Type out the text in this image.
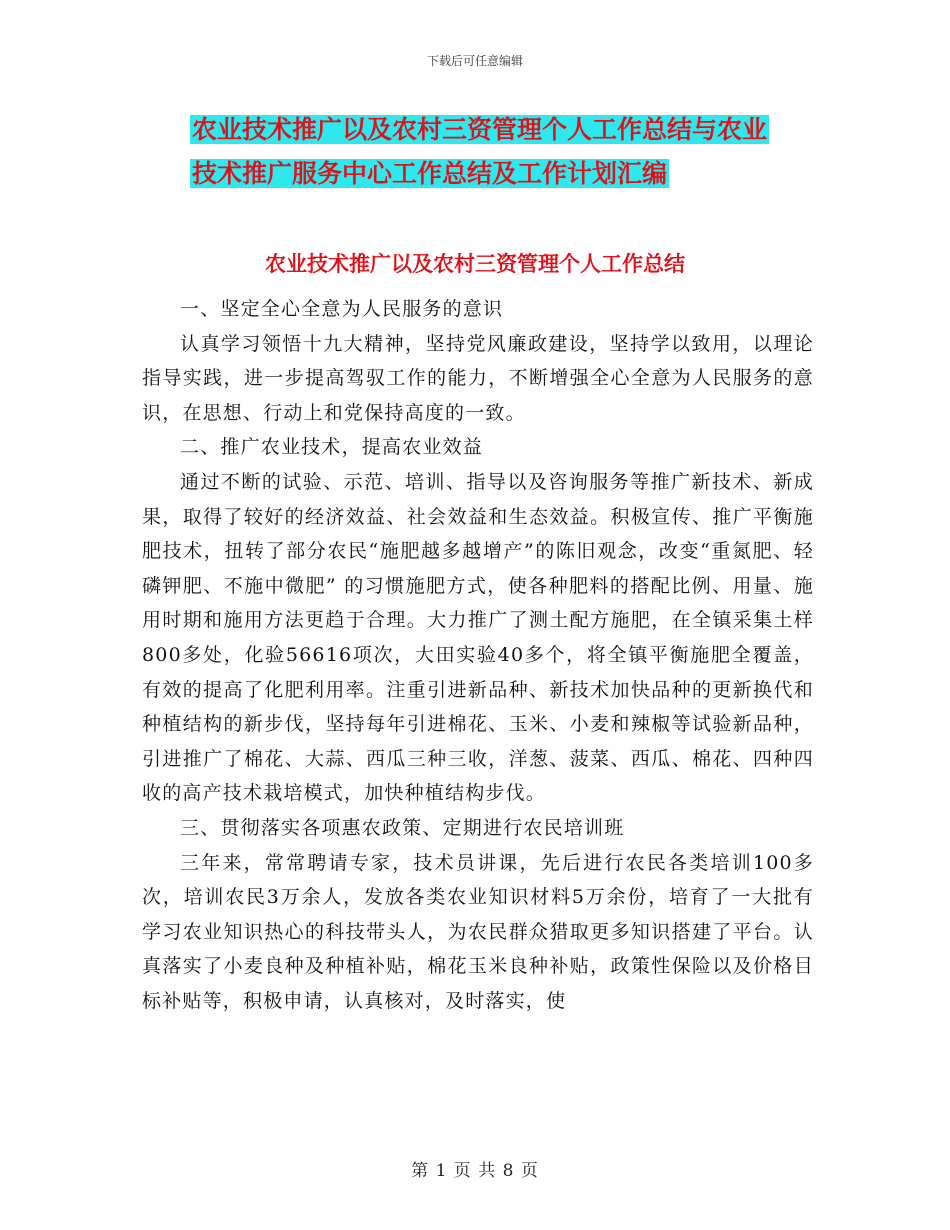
下载后可任意编辑
农业技术推广以及农村三资管理个人工作总结与农业
技术推广服务中心工作总结及工作计划汇编
农业技术推广以及农村三资管理个人工作总结

一、坚定全心全意为人民服务的意识

认真学习领悟十九大精神，坚持党风廉政建设，坚持学以致用，以理论指导实践，进一步提高驾驭工作的能力，不断增强全心全意为人民服务的意识，在思想、行动上和党保持高度的一致。

二、推广农业技术，提高农业效益

通过不断的试验、示范、培训、指导以及咨询服务等推广新技术、新成果，取得了较好的经济效益、社会效益和生态效益。积极宣传、推广平衡施肥技术，扭转了部分农民“施肥越多越增产”的陈旧观念，改变“重氮肥、轻磷钾肥、不施中微肥” 的习惯施肥方式，使各种肥料的搭配比例、用量、施用时期和施用方法更趋于合理。大力推广了测土配方施肥，在全镇采集土样800多处，化验56616项次，大田实验40多个，将全镇平衡施肥全覆盖，有效的提高了化肥利用率。注重引进新品种、新技术加快品种的更新换代和种植结构的新步伐，坚持每年引进棉花、玉米、小麦和辣椒等试验新品种，引进推广了棉花、大蒜、西瓜三种三收，洋葱、菠菜、西瓜、棉花、四种四收的高产技术栽培模式，加快种植结构步伐。

三、贯彻落实各项惠农政策、定期进行农民培训班

三年来，常常聘请专家，技术员讲课，先后进行农民各类培训100多次，培训农民3万余人，发放各类农业知识材料5万余份，培育了一大批有学习农业知识热心的科技带头人，为农民群众猎取更多知识搭建了平台。认真落实了小麦良种及种植补贴，棉花玉米良种补贴，政策性保险以及价格目标补贴等，积极申请，认真核对，及时落实，使

第 1 页 共 8 页
